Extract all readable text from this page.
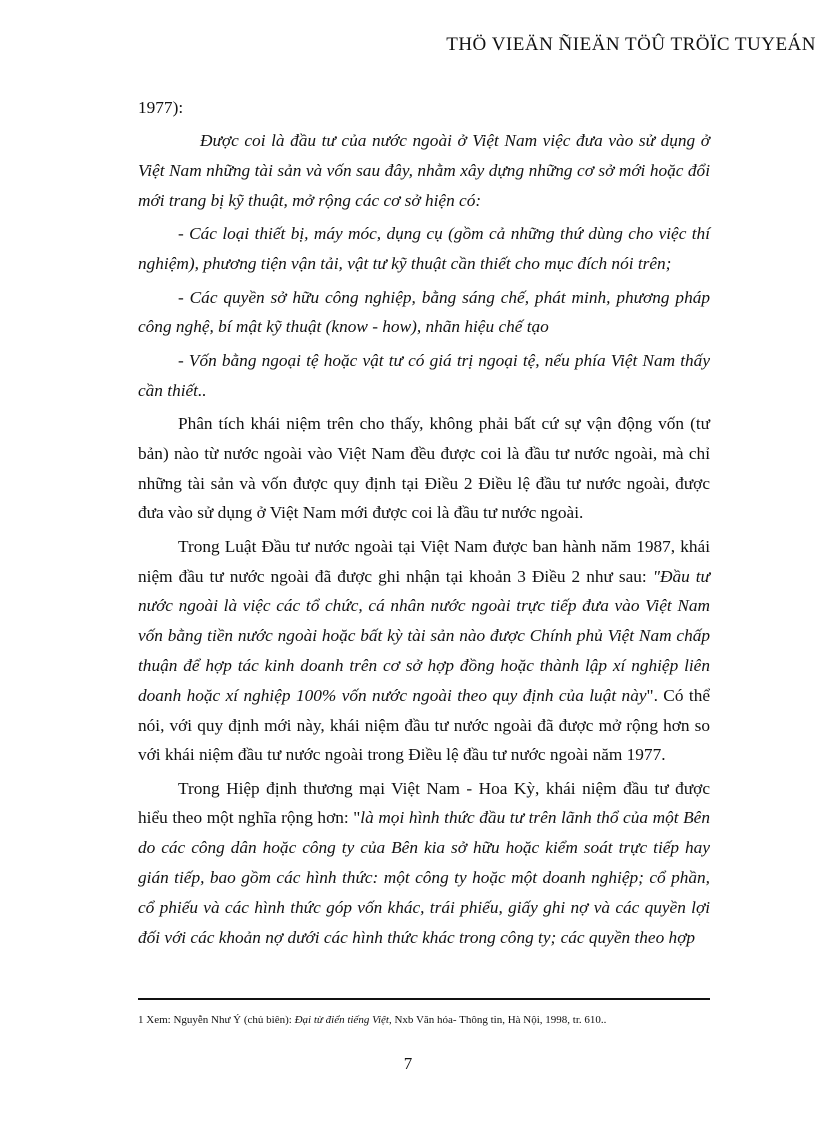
THÖ VIEÄN ÑIEÄN TÖÛ TRÖÏC TUYEÁN

1977):

Được coi là đầu tư của nước ngoài ở Việt Nam việc đưa vào sử dụng ở Việt Nam những tài sản và vốn sau đây, nhằm xây dựng những cơ sở mới hoặc đổi mới trang bị kỹ thuật, mở rộng các cơ sở hiện có:

- Các loại thiết bị, máy móc, dụng cụ (gồm cả những thứ dùng cho việc thí nghiệm), phương tiện vận tải, vật tư kỹ thuật cần thiết cho mục đích nói trên;

- Các quyền sở hữu công nghiệp, bằng sáng chế, phát minh, phương pháp công nghệ, bí mật kỹ thuật (know - how), nhãn hiệu chế tạo

- Vốn bằng ngoại tệ hoặc vật tư có giá trị ngoại tệ, nếu phía Việt Nam thấy cần thiết..

Phân tích khái niệm trên cho thấy, không phải bất cứ sự vận động vốn (tư bản) nào từ nước ngoài vào Việt Nam đều được coi là đầu tư nước ngoài, mà chỉ những tài sản và vốn được quy định tại Điều 2 Điều lệ đầu tư nước ngoài, được đưa vào sử dụng ở Việt Nam mới được coi là đầu tư nước ngoài.

Trong Luật Đầu tư nước ngoài tại Việt Nam được ban hành năm 1987, khái niệm đầu tư nước ngoài đã được ghi nhận tại khoản 3 Điều 2 như sau: "Đầu tư nước ngoài là việc các tổ chức, cá nhân nước ngoài trực tiếp đưa vào Việt Nam vốn bằng tiền nước ngoài hoặc bất kỳ tài sản nào được Chính phủ Việt Nam chấp thuận để hợp tác kinh doanh trên cơ sở hợp đồng hoặc thành lập xí nghiệp liên doanh hoặc xí nghiệp 100% vốn nước ngoài theo quy định của luật này". Có thể nói, với quy định mới này, khái niệm đầu tư nước ngoài đã được mở rộng hơn so với khái niệm đầu tư nước ngoài trong Điều lệ đầu tư nước ngoài năm 1977.

Trong Hiệp định thương mại Việt Nam - Hoa Kỳ, khái niệm đầu tư được hiểu theo một nghĩa rộng hơn: "là mọi hình thức đầu tư trên lãnh thổ của một Bên do các công dân hoặc công ty của Bên kia sở hữu hoặc kiểm soát trực tiếp hay gián tiếp, bao gồm các hình thức: một công ty hoặc một doanh nghiệp; cổ phần, cổ phiếu và các hình thức góp vốn khác, trái phiếu, giấy ghi nợ và các quyền lợi đối với các khoản nợ dưới các hình thức khác trong công ty; các quyền theo hợp

1 Xem: Nguyễn Như Ý (chủ biên): Đại từ điển tiếng Việt, Nxb Văn hóa- Thông tin, Hà Nội, 1998, tr. 610..
7
